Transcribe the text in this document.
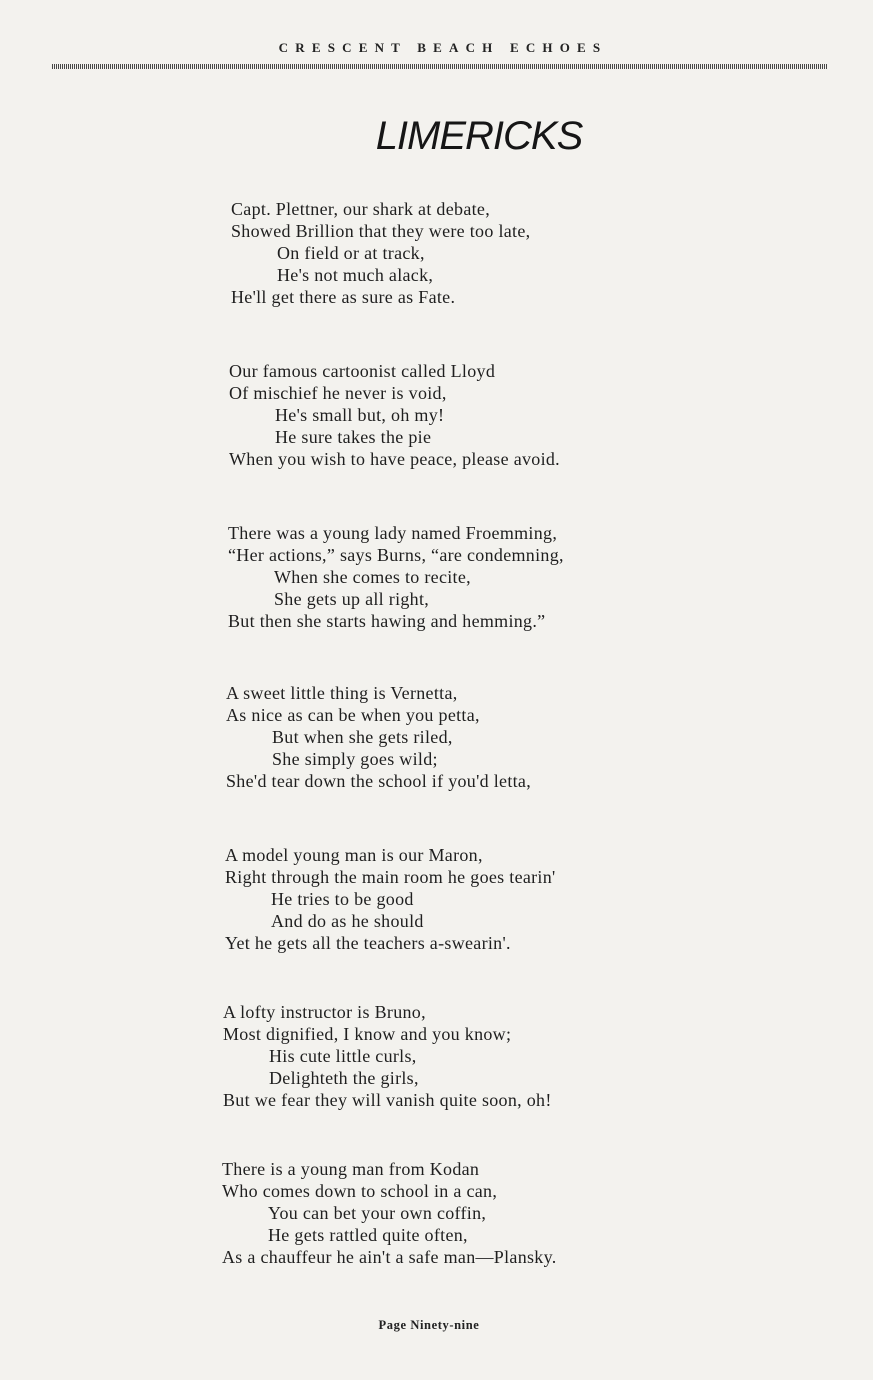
CRESCENT BEACH ECHOES
LIMERICKS
Capt. Plettner, our shark at debate,
Showed Brillion that they were too late,
On field or at track,
He's not much alack,
He'll get there as sure as Fate.
Our famous cartoonist called Lloyd
Of mischief he never is void,
He's small but, oh my!
He sure takes the pie
When you wish to have peace, please avoid.
There was a young lady named Froemming,
“Her actions,” says Burns, “are condemning,
When she comes to recite,
She gets up all right,
But then she starts hawing and hemming.”
A sweet little thing is Vernetta,
As nice as can be when you petta,
But when she gets riled,
She simply goes wild;
She'd tear down the school if you'd letta,
A model young man is our Maron,
Right through the main room he goes tearin'
He tries to be good
And do as he should
Yet he gets all the teachers a-swearin'.
A lofty instructor is Bruno,
Most dignified, I know and you know;
His cute little curls,
Delighteth the girls,
But we fear they will vanish quite soon, oh!
There is a young man from Kodan
Who comes down to school in a can,
You can bet your own coffin,
He gets rattled quite often,
As a chauffeur he ain't a safe man—Plansky.
Page Ninety-nine
